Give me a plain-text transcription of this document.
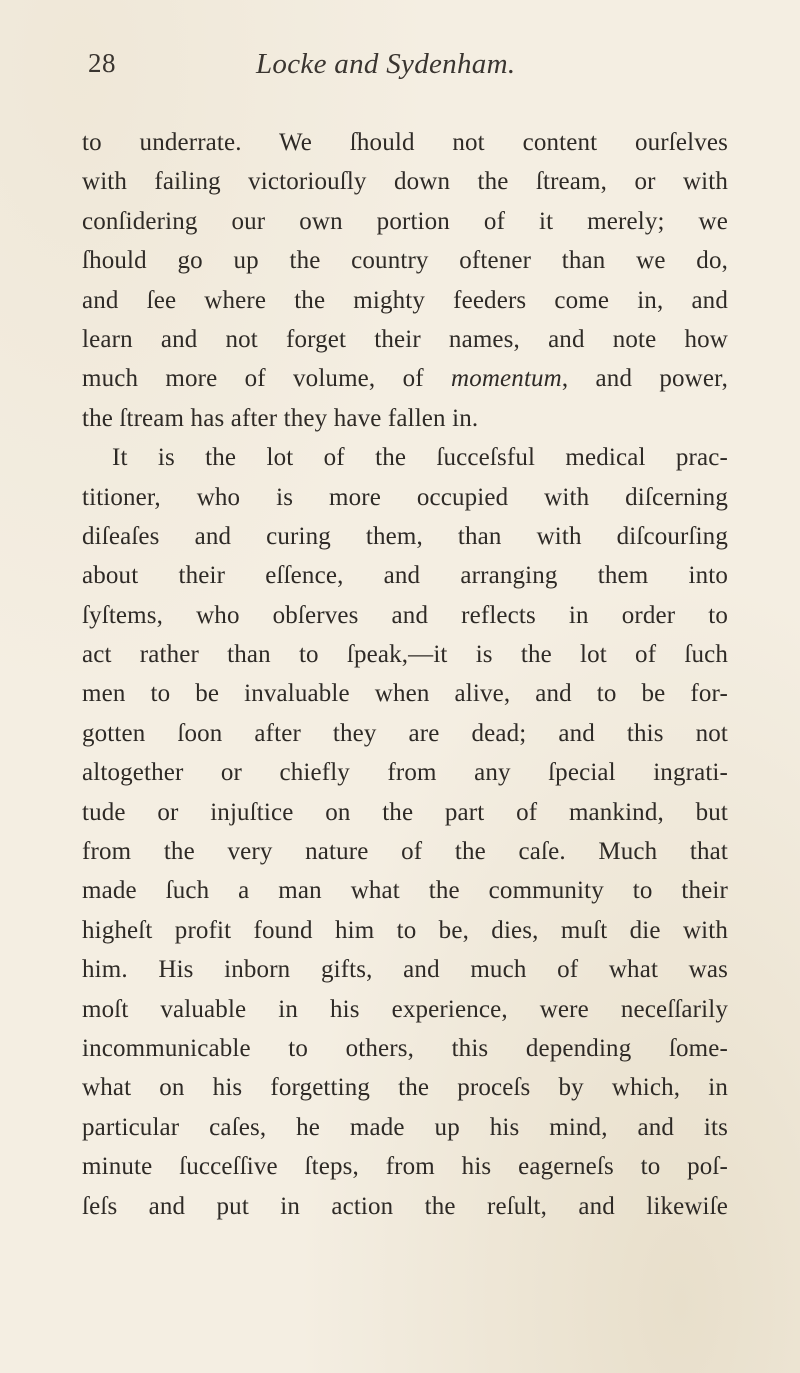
28	Locke and Sydenham.
to underrate. We ſhould not content ourſelves
with failing victoriouſly down the ſtream, or with
conſidering our own portion of it merely; we
ſhould go up the country oftener than we do,
and ſee where the mighty feeders come in, and
learn and not forget their names, and note how
much more of volume, of momentum, and power,
the ſtream has after they have fallen in.
It is the lot of the ſucceſsful medical prac-
titioner, who is more occupied with diſcerning
diſeaſes and curing them, than with diſcourſing
about their eſſence, and arranging them into
ſyſtems, who obſerves and reflects in order to
act rather than to ſpeak,—it is the lot of ſuch
men to be invaluable when alive, and to be for-
gotten ſoon after they are dead; and this not
altogether or chiefly from any ſpecial ingrati-
tude or injuſtice on the part of mankind, but
from the very nature of the caſe. Much that
made ſuch a man what the community to their
higheſt profit found him to be, dies, muſt die with
him. His inborn gifts, and much of what was
moſt valuable in his experience, were neceſſarily
incommunicable to others, this depending ſome-
what on his forgetting the proceſs by which, in
particular caſes, he made up his mind, and its
minute ſucceſſive ſteps, from his eagerneſs to poſ-
ſeſs and put in action the reſult, and likewiſe
